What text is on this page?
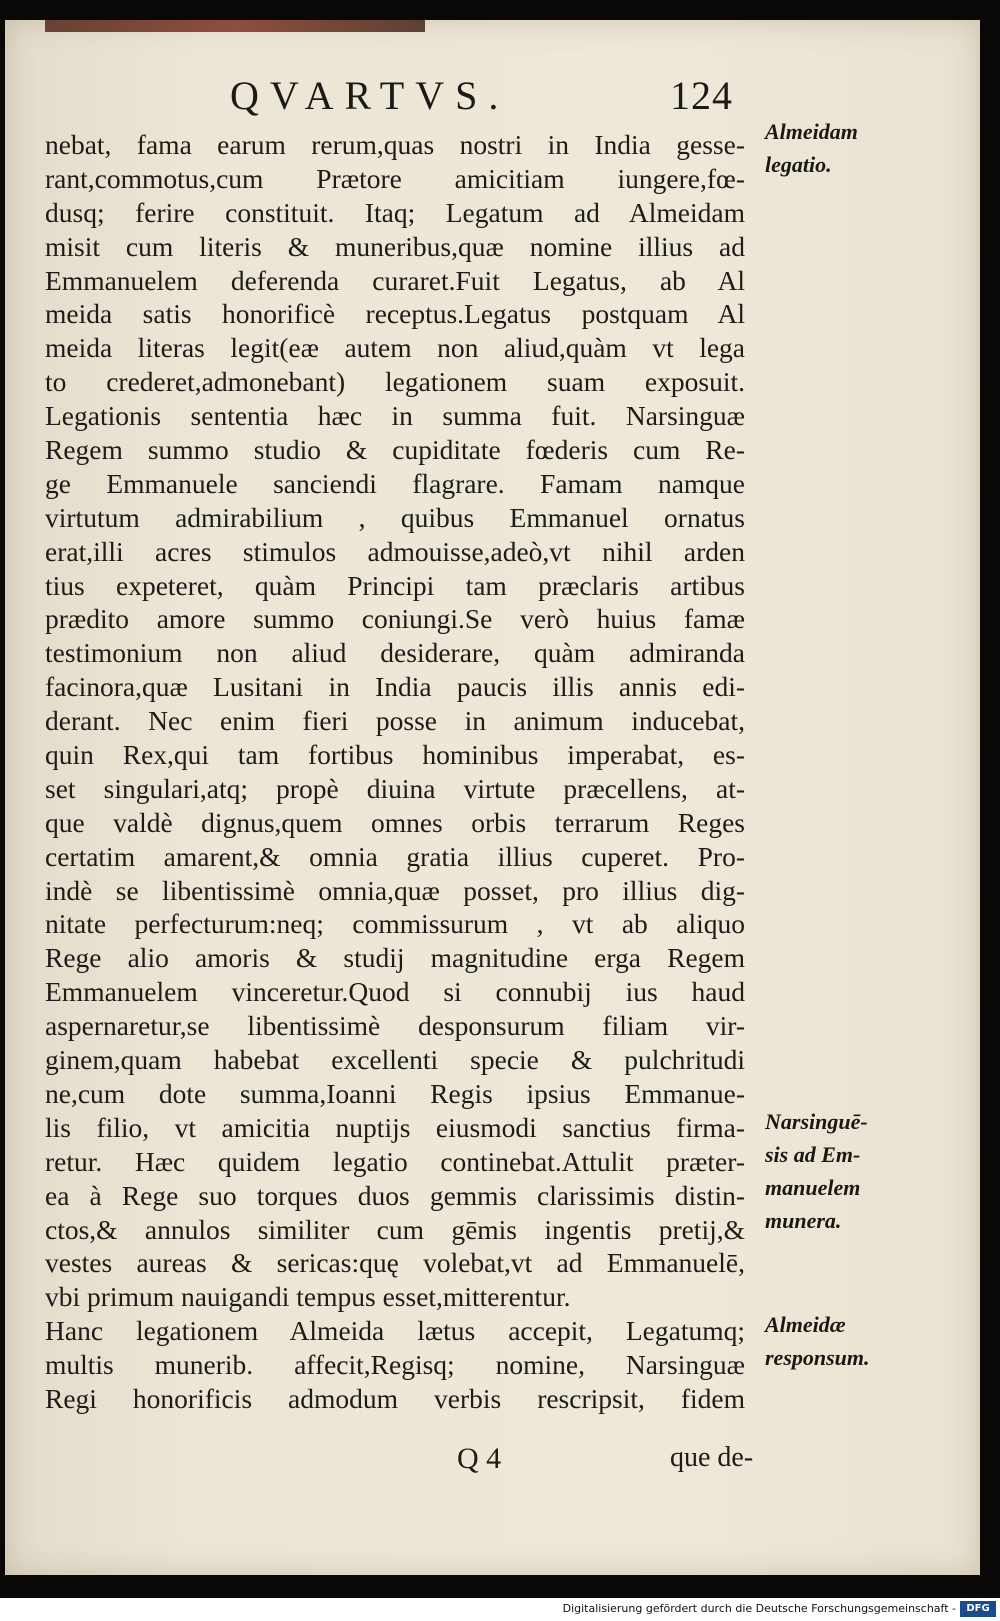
QVARTVS.	124
nebat, fama earum rerum,quas nostri in India gesse-
rant,commotus,cum Prætore amicitiam iungere,fœ-
dusq; ferire constituit. Itaq; Legatum ad Almeidam
misit cum literis & muneribus,quæ nomine illius ad
Emmanuelem deferenda curaret.Fuit Legatus, ab Al
meida satis honorificè receptus.Legatus postquam Al
meida literas legit(eæ autem non aliud,quàm vt lega
to crederet,admonebant) legationem suam exposuit.
Legationis sententia hæc in summa fuit. Narsinguæ
Regem summo studio & cupiditate fœderis cum Re-
ge Emmanuele sanciendi flagrare. Famam namque
virtutum admirabilium , quibus Emmanuel ornatus
erat,illi acres stimulos admouisse,adeò,vt nihil arden
tius expeteret, quàm Principi tam præclaris artibus
prædito amore summo coniungi.Se verò huius famæ
testimonium non aliud desiderare, quàm admiranda
facinora,quæ Lusitani in India paucis illis annis edi-
derant. Nec enim fieri posse in animum inducebat,
quin Rex,qui tam fortibus hominibus imperabat, es-
set singulari,atq; propè diuina virtute præcellens, at-
que valdè dignus,quem omnes orbis terrarum Reges
certatim amarent,& omnia gratia illius cuperet. Pro-
indè se libentissimè omnia,quæ posset, pro illius dig-
nitate perfecturum:neq; commissurum , vt ab aliquo
Rege alio amoris & studij magnitudine erga Regem
Emmanuelem vinceretur.Quod si connubij ius haud
aspernaretur,se libentissimè desponsurum filiam vir-
ginem,quam habebat excellenti specie & pulchritudi
ne,cum dote summa,Ioanni Regis ipsius Emmanue-
lis filio, vt amicitia nuptijs eiusmodi sanctius firma-
retur. Hæc quidem legatio continebat.Attulit præter-
ea à Rege suo torques duos gemmis clarissimis distin-
ctos,& annulos similiter cum gēmis ingentis pretij,&
vestes aureas & sericas:quę volebat,vt ad Emmanuelē,
vbi primum nauigandi tempus esset,mitterentur.
Hanc legationem Almeida lætus accepit, Legatumq;
multis munerib. affecit,Regisq; nomine, Narsinguæ
Regi honorificis admodum verbis rescripsit, fidem
Almeidam
legatio.
Narsinguē-
sis ad Em-
manuelem
munera.
Almeidæ
responsum.
Q 4	que de-
Digitalisierung gefördert durch die Deutsche Forschungsgemeinschaft -	DFG
